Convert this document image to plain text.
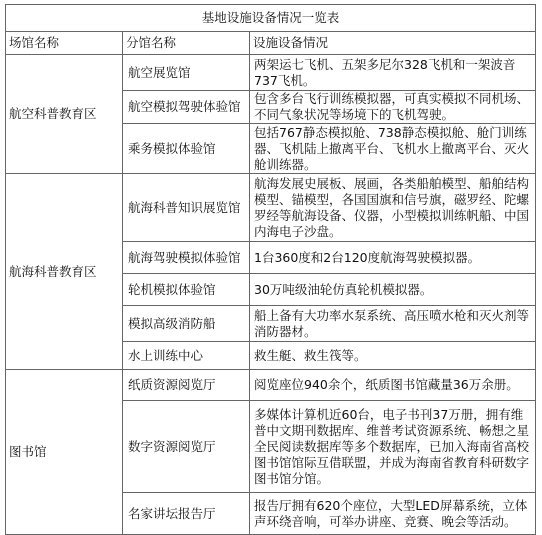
基地设施设备情况一览表		
场馆名称	分馆名称	设施设备情况
航空科普教育区	航空展览馆	两架运七飞机、五架多尼尔328飞机和一架波音737飞机。
	航空模拟驾驶体验馆	包含多台飞行训练模拟器，可真实模拟不同机场、不同气象状况等场境下的飞机驾驶。
	乘务模拟体验馆	包括767静态模拟舱、738静态模拟舱、舱门训练器、飞机陆上撤离平台、飞机水上撤离平台、灭火舱训练器。
航海科普教育区	航海科普知识展览馆	航海发展史展板、展画，各类船舶模型、船舶结构模型、锚模型，各国国旗和信号旗，磁罗经、陀螺罗经等航海设备、仪器，小型模拟训练帆船、中国内海电子沙盘。
	航海驾驶模拟体验馆	1台360度和2台120度航海驾驶模拟器。
	轮机模拟体验馆	30万吨级油轮仿真轮机模拟器。
	模拟高级消防船	船上备有大功率水泵系统、高压喷水枪和灭火剂等消防器材。
	水上训练中心	救生艇、救生筏等。
图书馆	纸质资源阅览厅	阅览座位940余个，纸质图书馆藏量36万余册。
	数字资源阅览厅	多媒体计算机近60台，电子书刊37万册，拥有维普中文期刊数据库、维普考试资源系统、畅想之星全民阅读数据库等多个数据库，已加入海南省高校图书馆馆际互借联盟，并成为海南省教育科研数字图书馆分馆。
	名家讲坛报告厅	报告厅拥有620个座位，大型LED屏幕系统，立体声环绕音响，可举办讲座、竞赛、晚会等活动。
